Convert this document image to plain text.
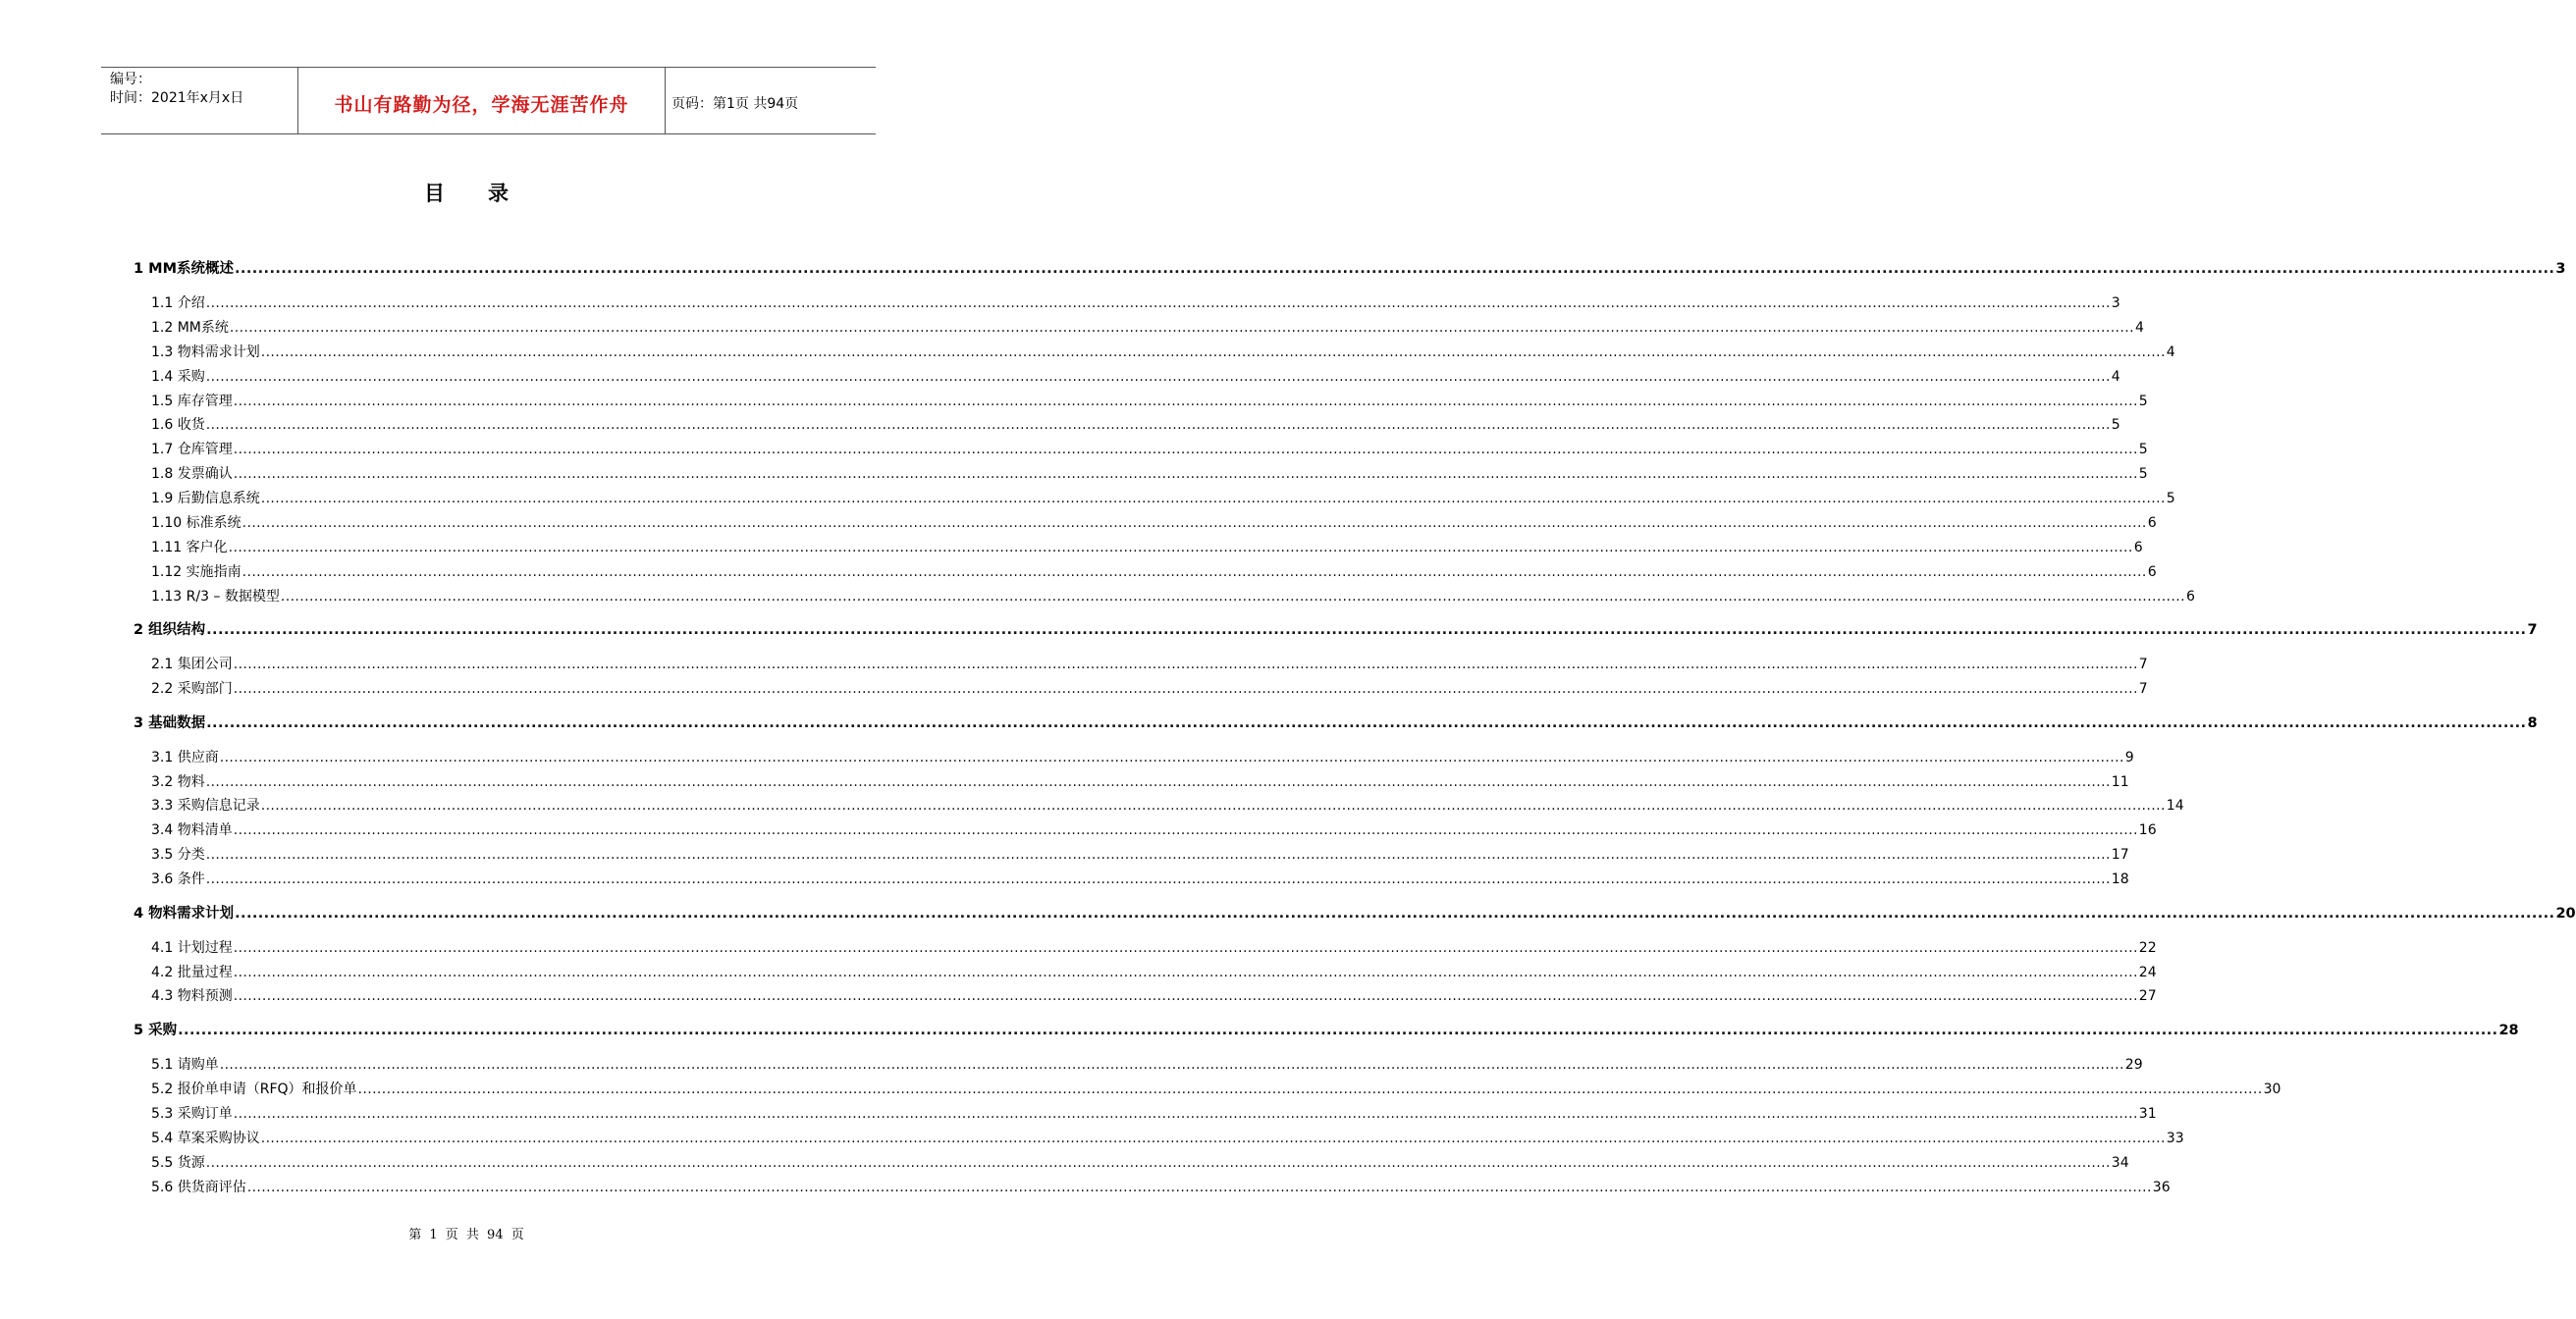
编号：
时间：2021年x月x日	书山有路勤为径，学海无涯苦作舟	页码：第1页 共94页
目 录
1 MM系统概述 ................................................................................................................................................................................................................................................................................................................................................................................................................ 3
1.1 介绍 ................................................................................................................................................................................................................................................................................................................................................................................................................ 3
1.2 MM系统 ................................................................................................................................................................................................................................................................................................................................................................................................................ 4
1.3 物料需求计划 ................................................................................................................................................................................................................................................................................................................................................................................................................ 4
1.4 采购 ................................................................................................................................................................................................................................................................................................................................................................................................................ 4
1.5 库存管理 ................................................................................................................................................................................................................................................................................................................................................................................................................ 5
1.6 收货 ................................................................................................................................................................................................................................................................................................................................................................................................................ 5
1.7 仓库管理 ................................................................................................................................................................................................................................................................................................................................................................................................................ 5
1.8 发票确认 ................................................................................................................................................................................................................................................................................................................................................................................................................ 5
1.9 后勤信息系统 ................................................................................................................................................................................................................................................................................................................................................................................................................ 5
1.10 标准系统 ................................................................................................................................................................................................................................................................................................................................................................................................................ 6
1.11 客户化 ................................................................................................................................................................................................................................................................................................................................................................................................................ 6
1.12 实施指南 ................................................................................................................................................................................................................................................................................................................................................................................................................ 6
1.13 R/3 – 数据模型 ................................................................................................................................................................................................................................................................................................................................................................................................................ 6
2 组织结构 ................................................................................................................................................................................................................................................................................................................................................................................................................ 7
2.1 集团公司 ................................................................................................................................................................................................................................................................................................................................................................................................................ 7
2.2 采购部门 ................................................................................................................................................................................................................................................................................................................................................................................................................ 7
3 基础数据 ................................................................................................................................................................................................................................................................................................................................................................................................................ 8
3.1 供应商 ................................................................................................................................................................................................................................................................................................................................................................................................................ 9
3.2 物料 ................................................................................................................................................................................................................................................................................................................................................................................................................ 11
3.3 采购信息记录 ................................................................................................................................................................................................................................................................................................................................................................................................................ 14
3.4 物料清单 ................................................................................................................................................................................................................................................................................................................................................................................................................ 16
3.5 分类 ................................................................................................................................................................................................................................................................................................................................................................................................................ 17
3.6 条件 ................................................................................................................................................................................................................................................................................................................................................................................................................ 18
4 物料需求计划 ................................................................................................................................................................................................................................................................................................................................................................................................................ 20
4.1 计划过程 ................................................................................................................................................................................................................................................................................................................................................................................................................ 22
4.2 批量过程 ................................................................................................................................................................................................................................................................................................................................................................................................................ 24
4.3 物料预测 ................................................................................................................................................................................................................................................................................................................................................................................................................ 27
5 采购 ................................................................................................................................................................................................................................................................................................................................................................................................................ 28
5.1 请购单 ................................................................................................................................................................................................................................................................................................................................................................................................................ 29
5.2 报价单申请（RFQ）和报价单 ................................................................................................................................................................................................................................................................................................................................................................................................................ 30
5.3 采购订单 ................................................................................................................................................................................................................................................................................................................................................................................................................ 31
5.4 草案采购协议 ................................................................................................................................................................................................................................................................................................................................................................................................................ 33
5.5 货源 ................................................................................................................................................................................................................................................................................................................................................................................................................ 34
5.6 供货商评估 ................................................................................................................................................................................................................................................................................................................................................................................................................ 36
第 1 页 共 94 页
